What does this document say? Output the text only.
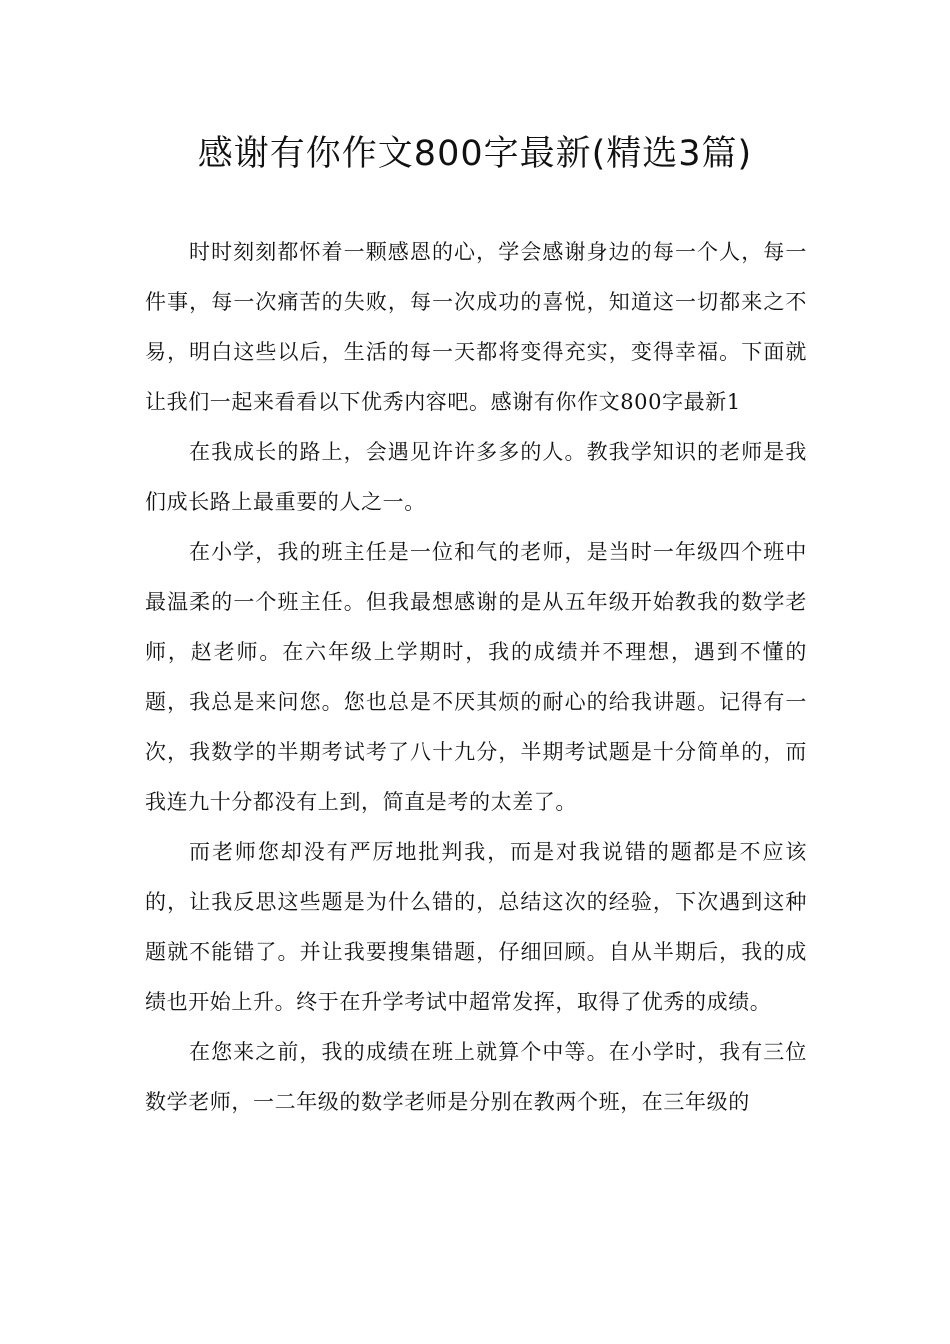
感谢有你作文800字最新(精选3篇)

时时刻刻都怀着一颗感恩的心，学会感谢身边的每一个人，每一件事，每一次痛苦的失败，每一次成功的喜悦，知道这一切都来之不易，明白这些以后，生活的每一天都将变得充实，变得幸福。下面就让我们一起来看看以下优秀内容吧。感谢有你作文800字最新1

在我成长的路上，会遇见许许多多的人。教我学知识的老师是我们成长路上最重要的人之一。

在小学，我的班主任是一位和气的老师，是当时一年级四个班中最温柔的一个班主任。但我最想感谢的是从五年级开始教我的数学老师，赵老师。在六年级上学期时，我的成绩并不理想，遇到不懂的题，我总是来问您。您也总是不厌其烦的耐心的给我讲题。记得有一次，我数学的半期考试考了八十九分，半期考试题是十分简单的，而我连九十分都没有上到，简直是考的太差了。

而老师您却没有严厉地批判我，而是对我说错的题都是不应该的，让我反思这些题是为什么错的，总结这次的经验，下次遇到这种题就不能错了。并让我要搜集错题，仔细回顾。自从半期后，我的成绩也开始上升。终于在升学考试中超常发挥，取得了优秀的成绩。

在您来之前，我的成绩在班上就算个中等。在小学时，我有三位数学老师，一二年级的数学老师是分别在教两个班，在三年级的
